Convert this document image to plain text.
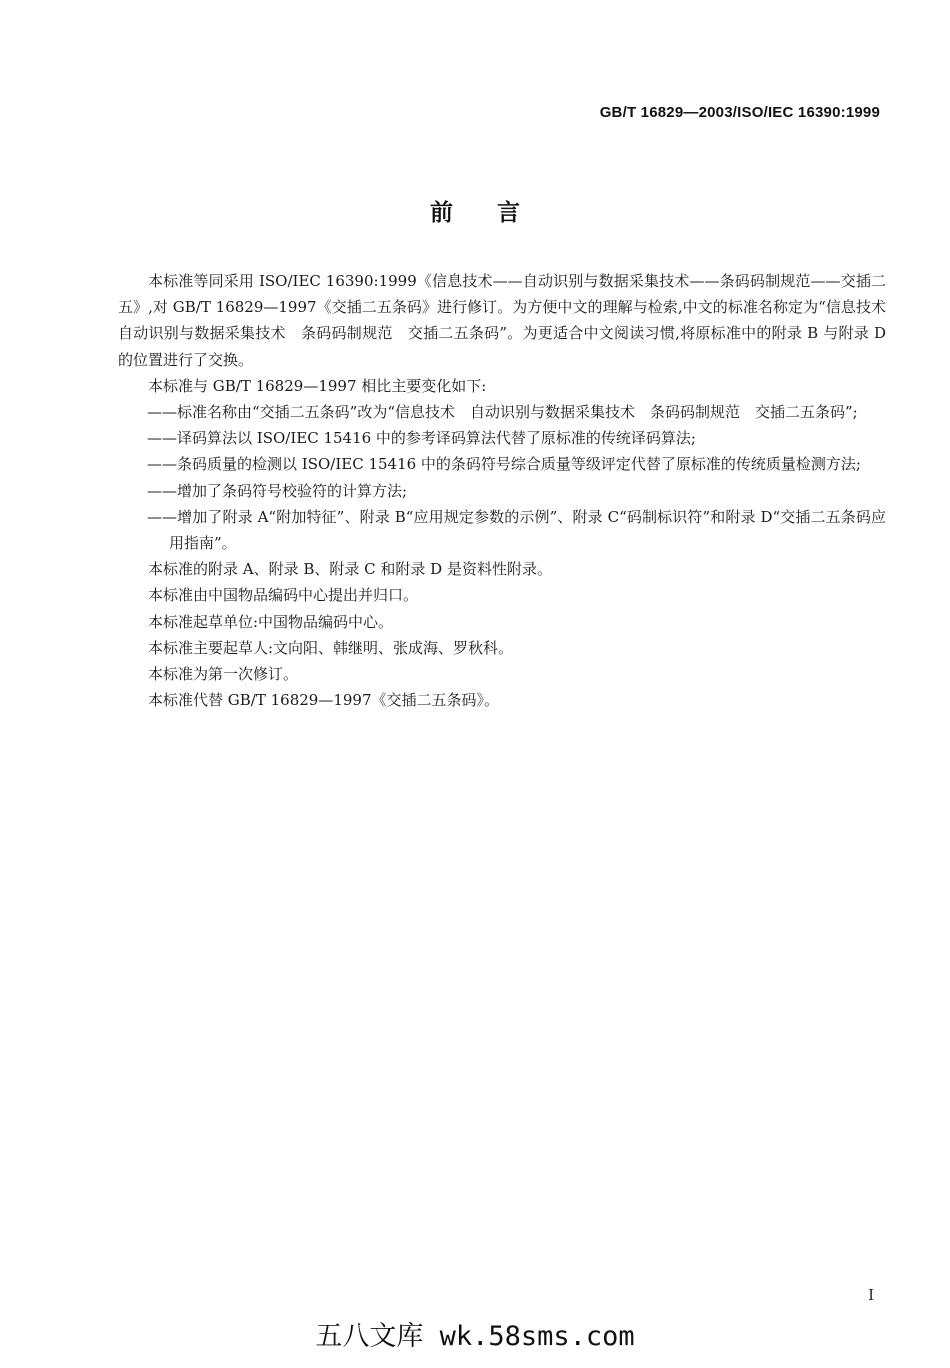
GB/T 16829—2003/ISO/IEC 16390:1999
前言

本标准等同采用 ISO/IEC 16390:1999《信息技术——自动识别与数据采集技术——条码码制规范——交插二五》,对 GB/T 16829—1997《交插二五条码》进行修订。为方便中文的理解与检索,中文的标准名称定为“信息技术　自动识别与数据采集技术　条码码制规范　交插二五条码”。为更适合中文阅读习惯,将原标准中的附录 B 与附录 D 的位置进行了交换。

本标准与 GB/T 16829—1997 相比主要变化如下:

——标准名称由“交插二五条码”改为“信息技术　自动识别与数据采集技术　条码码制规范　交插二五条码”;

——译码算法以 ISO/IEC 15416 中的参考译码算法代替了原标准的传统译码算法;

——条码质量的检测以 ISO/IEC 15416 中的条码符号综合质量等级评定代替了原标准的传统质量检测方法;

——增加了条码符号校验符的计算方法;

——增加了附录 A“附加特征”、附录 B“应用规定参数的示例”、附录 C“码制标识符”和附录 D“交插二五条码应用指南”。

本标准的附录 A、附录 B、附录 C 和附录 D 是资料性附录。

本标准由中国物品编码中心提出并归口。

本标准起草单位:中国物品编码中心。

本标准主要起草人:文向阳、韩继明、张成海、罗秋科。

本标准为第一次修订。

本标准代替 GB/T 16829—1997《交插二五条码》。

I
五八文库 wk.58sms.com
